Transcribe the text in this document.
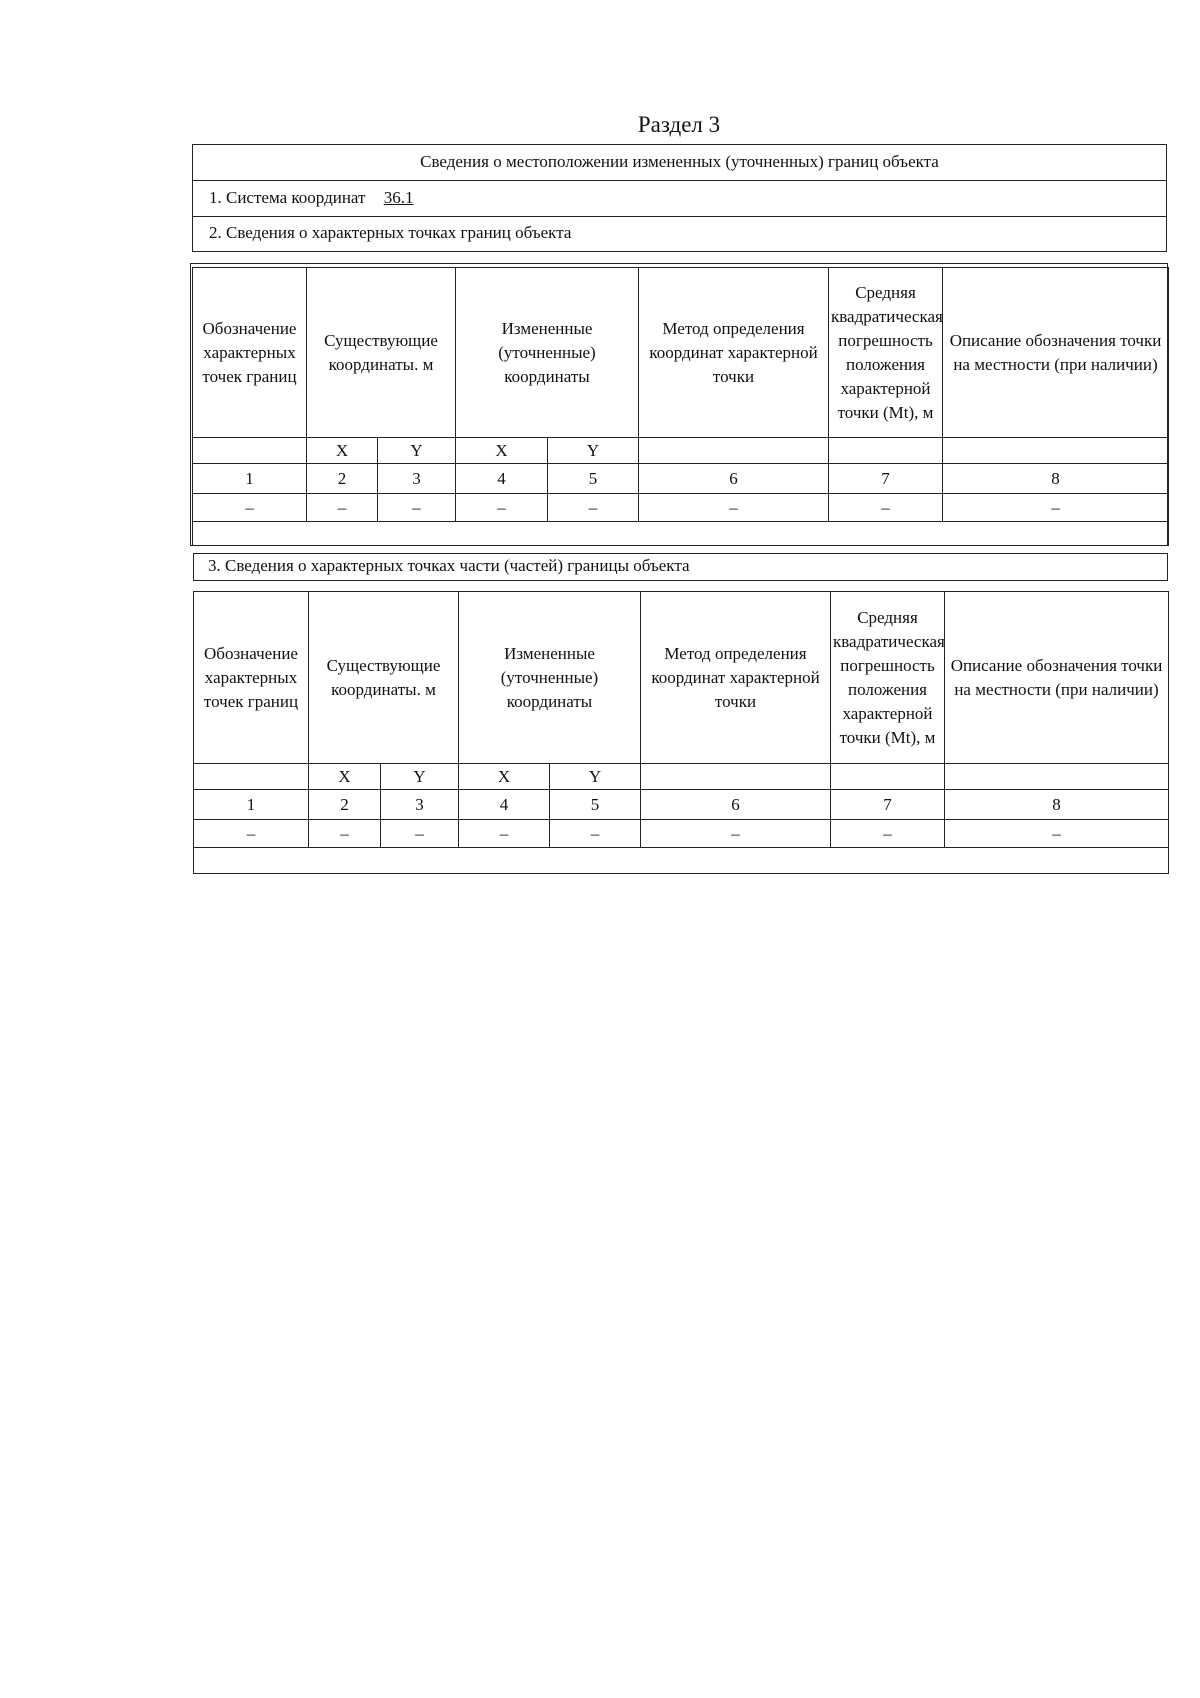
Раздел 3
Сведения о местоположении измененных (уточненных) границ объекта
1. Система координат 36.1
2. Сведения о характерных точках границ объекта
Обозначение характерных точек границ	Существующие координаты. м		Измененные (уточненные) координаты		Метод определения координат характерной точки	Средняя квадратическая погрешность положения характерной точки (Mt), м	Описание обозначения точки на местности (при наличии)
	X	Y	X	Y			
1	2	3	4	5	6	7	8
–	–	–	–	–	–	–	–

3. Сведения о характерных точках части (частей) границы объекта
Обозначение характерных точек границ	Существующие координаты. м		Измененные (уточненные) координаты		Метод определения координат характерной точки	Средняя квадратическая погрешность положения характерной точки (Mt), м	Описание обозначения точки на местности (при наличии)
	X	Y	X	Y			
1	2	3	4	5	6	7	8
–	–	–	–	–	–	–	–
